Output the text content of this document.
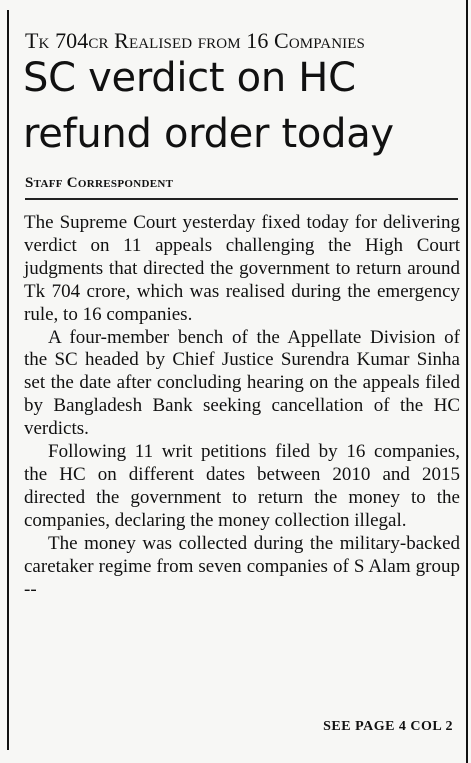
Tk 704cr Realised from 16 Companies
SC verdict on HC
refund order today
Staff Correspondent

The Supreme Court yesterday fixed today for delivering verdict on 11 appeals challenging the High Court judgments that directed the government to return around Tk 704 crore, which was realised during the emergency rule, to 16 companies.

A four-member bench of the Appellate Division of the SC headed by Chief Justice Surendra Kumar Sinha set the date after concluding hearing on the appeals filed by Bangladesh Bank seeking cancellation of the HC verdicts.

Following 11 writ petitions filed by 16 companies, the HC on different dates between 2010 and 2015 directed the government to return the money to the companies, declaring the money collection illegal.

The money was collected during the military-backed caretaker regime from seven companies of S Alam group --

SEE PAGE 4 COL 2
